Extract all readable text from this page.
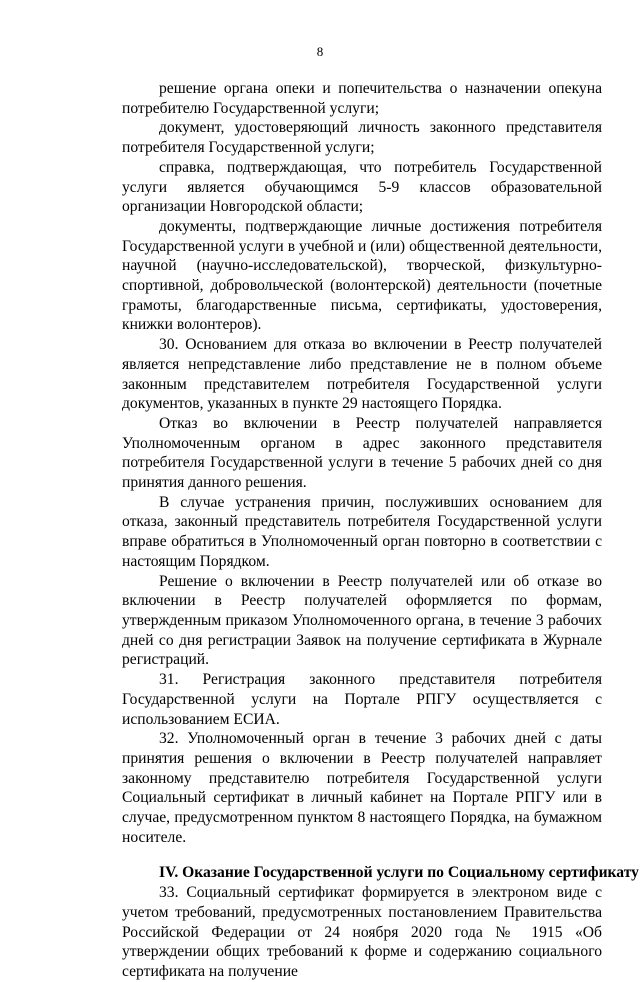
8

решение органа опеки и попечительства о назначении опекуна потребителю Государственной услуги;

документ, удостоверяющий личность законного представителя потребителя Государственной услуги;

справка, подтверждающая, что потребитель Государственной услуги является обучающимся 5-9 классов образовательной организации Новгородской области;

документы, подтверждающие личные достижения потребителя Государственной услуги в учебной и (или) общественной деятельности, научной (научно-исследовательской), творческой, физкультурно-спортивной, добровольческой (волонтерской) деятельности (почетные грамоты, благодарственные письма, сертификаты, удостоверения, книжки волонтеров).

30. Основанием для отказа во включении в Реестр получателей является непредставление либо представление не в полном объеме законным представителем потребителя Государственной услуги документов, указанных в пункте 29 настоящего Порядка.

Отказ во включении в Реестр получателей направляется Уполномоченным органом в адрес законного представителя потребителя Государственной услуги в течение 5 рабочих дней со дня принятия данного решения.

В случае устранения причин, послуживших основанием для отказа, законный представитель потребителя Государственной услуги вправе обратиться в Уполномоченный орган повторно в соответствии с настоящим Порядком.

Решение о включении в Реестр получателей или об отказе во включении в Реестр получателей оформляется по формам, утвержденным приказом Уполномоченного органа, в течение 3 рабочих дней со дня регистрации Заявок на получение сертификата в Журнале регистраций.

31. Регистрация законного представителя потребителя Государственной услуги на Портале РПГУ осуществляется с использованием ЕСИА.

32. Уполномоченный орган в течение 3 рабочих дней с даты принятия решения о включении в Реестр получателей направляет законному представителю потребителя Государственной услуги Социальный сертификат в личный кабинет на Портале РПГУ или в случае, предусмотренном пунктом 8 настоящего Порядка, на бумажном носителе.

IV. Оказание Государственной услуги по Социальному сертификату

33. Социальный сертификат формируется в электроном виде с учетом требований, предусмотренных постановлением Правительства Российской Федерации от 24 ноября 2020 года № 1915 «Об утверждении общих требований к форме и содержанию социального сертификата на получение
